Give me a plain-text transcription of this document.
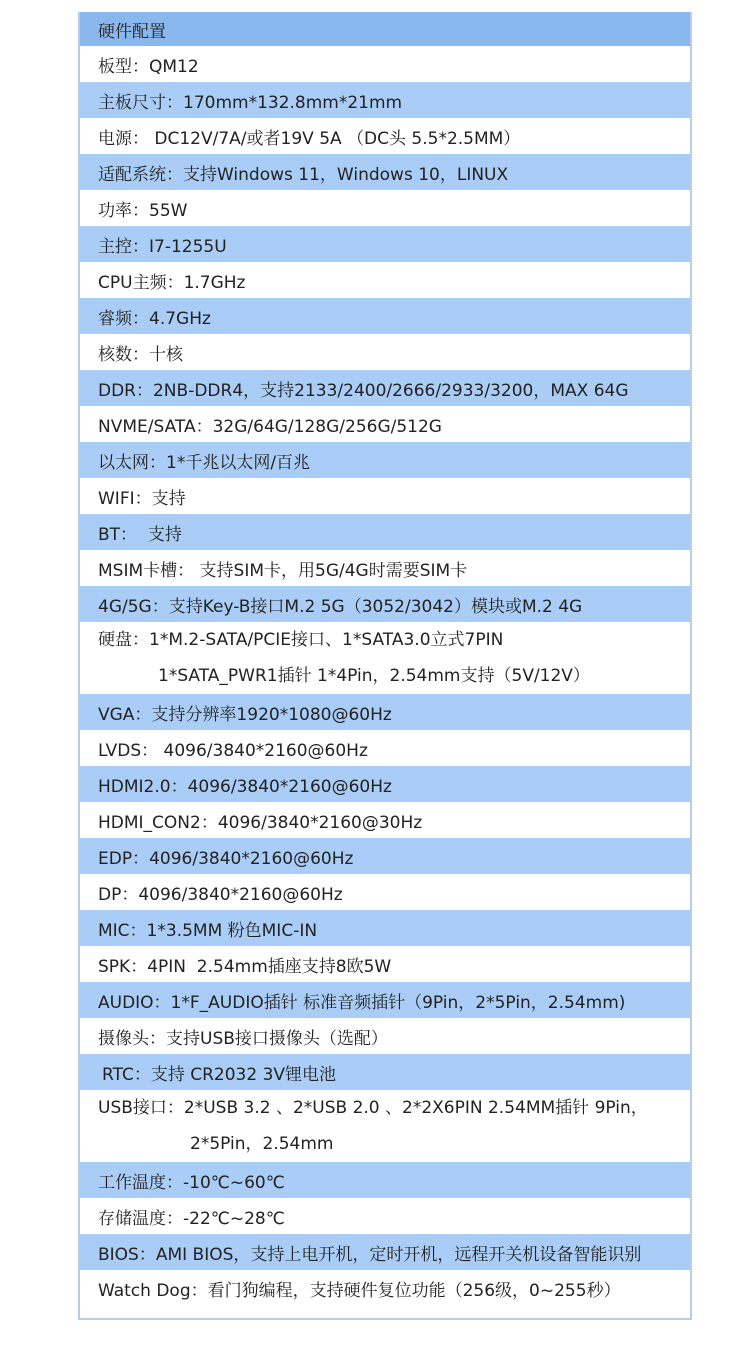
硬件配置
板型：QM12
主板尺寸：170mm*132.8mm*21mm
电源： DC12V/7A/或者19V 5A （DC头 5.5*2.5MM）
适配系统：支持Windows 11，Windows 10，LINUX
功率：55W
主控：I7-1255U
CPU主频：1.7GHz
睿频：4.7GHz
核数：十核
DDR：2NB-DDR4，支持2133/2400/2666/2933/3200，MAX 64G
NVME/SATA：32G/64G/128G/256G/512G
以太网：1*千兆以太网/百兆
WIFI：支持
BT：  支持
MSIM卡槽： 支持SIM卡，用5G/4G时需要SIM卡
4G/5G：支持Key-B接口M.2 5G（3052/3042）模块或M.2 4G
硬盘：1*M.2-SATA/PCIE接口、1*SATA3.0立式7PIN
1*SATA_PWR1插针 1*4Pin，2.54mm支持（5V/12V）
VGA：支持分辨率1920*1080@60Hz
LVDS： 4096/3840*2160@60Hz
HDMI2.0：4096/3840*2160@60Hz
HDMI_CON2：4096/3840*2160@30Hz
EDP：4096/3840*2160@60Hz
DP：4096/3840*2160@60Hz
MIC：1*3.5MM 粉色MIC-IN
SPK：4PIN  2.54mm插座支持8欧5W
AUDIO：1*F_AUDIO插针 标准音频插针（9Pin，2*5Pin，2.54mm)
摄像头：支持USB接口摄像头（选配）
RTC：支持 CR2032 3V锂电池
USB接口：2*USB 3.2 、2*USB 2.0 、2*2X6PIN 2.54MM插针 9Pin，
2*5Pin，2.54mm
工作温度：-10℃~60℃
存储温度：-22℃~28℃
BIOS：AMI BIOS，支持上电开机，定时开机，远程开关机设备智能识别
Watch Dog：看门狗编程，支持硬件复位功能（256级，0~255秒）
